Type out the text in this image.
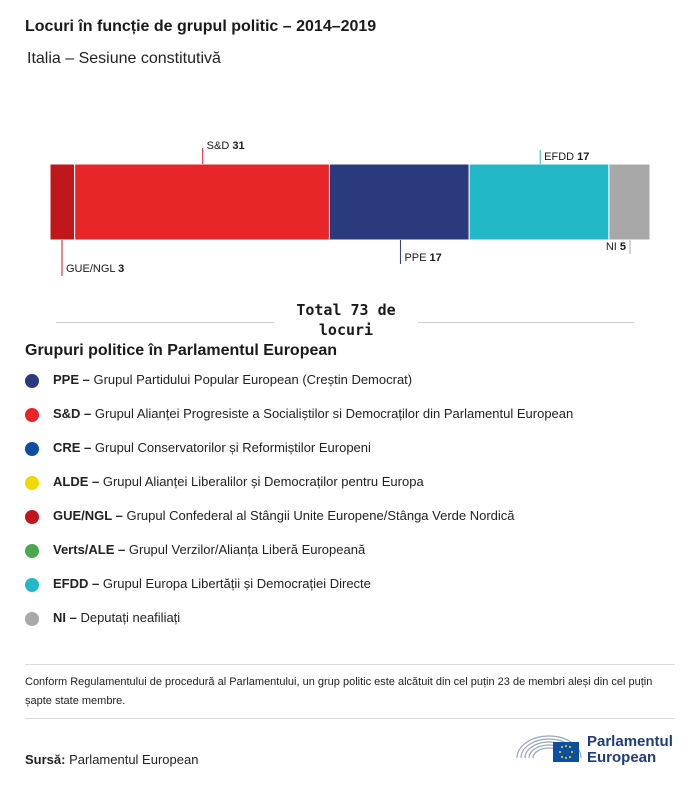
Locuri în funcție de grupul politic – 2014–2019
Italia – Sesiune constitutivă
GUE/NGL 3
S&D 31
PPE 17
EFDD 17
NI 5
Total 73 de locuri
Grupuri politice în Parlamentul European
PPE – Grupul Partidului Popular European (Creștin Democrat)
S&D – Grupul Alianței Progresiste a Socialiștilor si Democraților din Parlamentul European
CRE – Grupul Conservatorilor și Reformiștilor Europeni
ALDE – Grupul Alianței Liberalilor și Democraților pentru Europa
GUE/NGL – Grupul Confederal al Stângii Unite Europene/Stânga Verde Nordică
Verts/ALE – Grupul Verzilor/Alianța Liberă Europeană
EFDD – Grupul Europa Libertății și Democrației Directe
NI – Deputați neafiliați
Conform Regulamentului de procedură al Parlamentului, un grup politic este alcătuit din cel puțin 23 de membri aleși din cel puțin șapte state membre.
Sursă: Parlamentul European
Parlamentul
European
